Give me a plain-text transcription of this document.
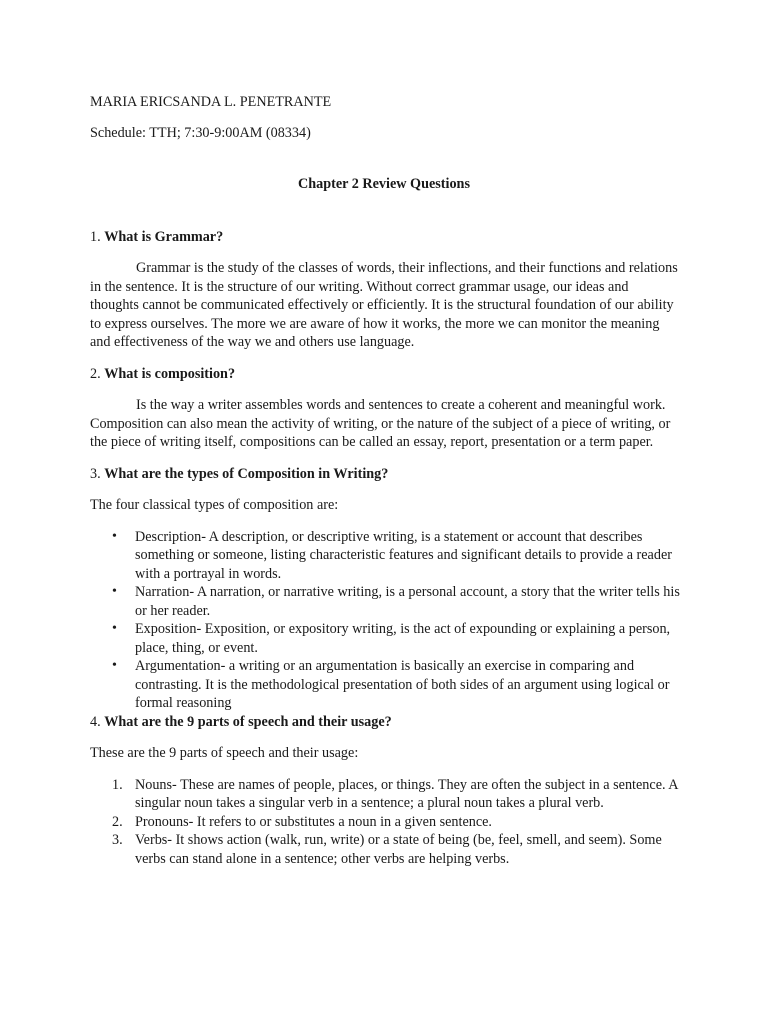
MARIA ERICSANDA L. PENETRANTE

Schedule: TTH; 7:30-9:00AM (08334)

Chapter 2 Review Questions

1. What is Grammar?

Grammar is the study of the classes of words, their inflections, and their functions and relations in the sentence. It is the structure of our writing. Without correct grammar usage, our ideas and thoughts cannot be communicated effectively or efficiently. It is the structural foundation of our ability to express ourselves. The more we are aware of how it works, the more we can monitor the meaning and effectiveness of the way we and others use language.

2. What is composition?

Is the way a writer assembles words and sentences to create a coherent and meaningful work. Composition can also mean the activity of writing, or the nature of the subject of a piece of writing, or the piece of writing itself, compositions can be called an essay, report, presentation or a term paper.

3. What are the types of Composition in Writing?

The four classical types of composition are:

• Description- A description, or descriptive writing, is a statement or account that describes something or someone, listing characteristic features and significant details to provide a reader with a portrayal in words.
• Narration- A narration, or narrative writing, is a personal account, a story that the writer tells his or her reader.
• Exposition- Exposition, or expository writing, is the act of expounding or explaining a person, place, thing, or event.
• Argumentation- a writing or an argumentation is basically an exercise in comparing and contrasting. It is the methodological presentation of both sides of an argument using logical or formal reasoning

4. What are the 9 parts of speech and their usage?

These are the 9 parts of speech and their usage:

1. Nouns- These are names of people, places, or things. They are often the subject in a sentence. A singular noun takes a singular verb in a sentence; a plural noun takes a plural verb.
2. Pronouns- It refers to or substitutes a noun in a given sentence.
3. Verbs- It shows action (walk, run, write) or a state of being (be, feel, smell, and seem). Some verbs can stand alone in a sentence; other verbs are helping verbs.
